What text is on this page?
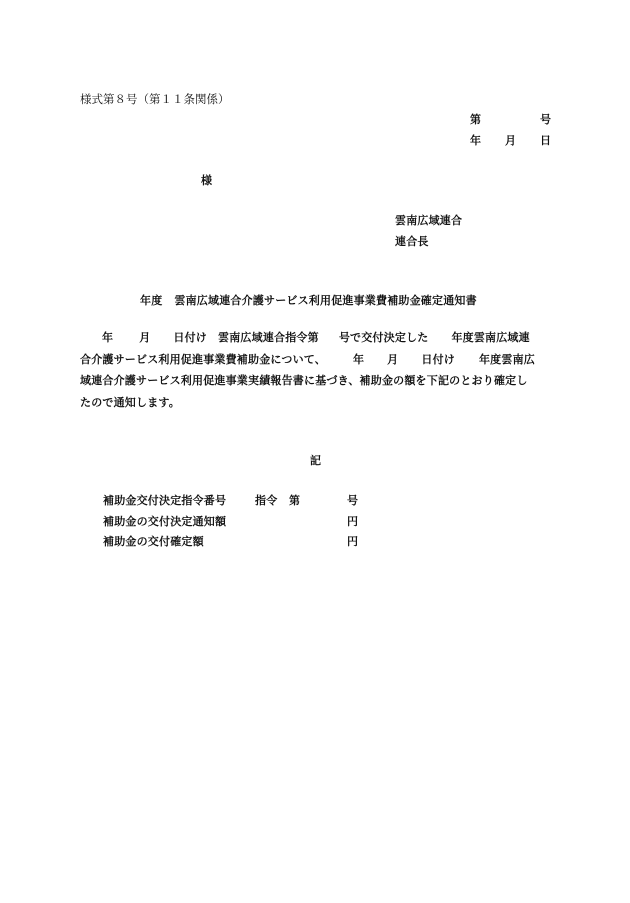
様式第８号（第１１条関係）
第	号
年 月 日
様
雲南広域連合
連合長
年度 雲南広域連合介護サービス利用促進事業費補助金確定通知書
年 月 日付け 雲南広域連合指令第 号で交付決定した 年度雲南広域連
合介護サービス利用促進事業費補助金について、 年 月 日付け 年度雲南広
域連合介護サービス利用促進事業実績報告書に基づき、補助金の額を下記のとおり確定し
たので通知します。
記
補助金交付決定指令番号	指令 第	号
補助金の交付決定通知額	円
補助金の交付確定額	円
